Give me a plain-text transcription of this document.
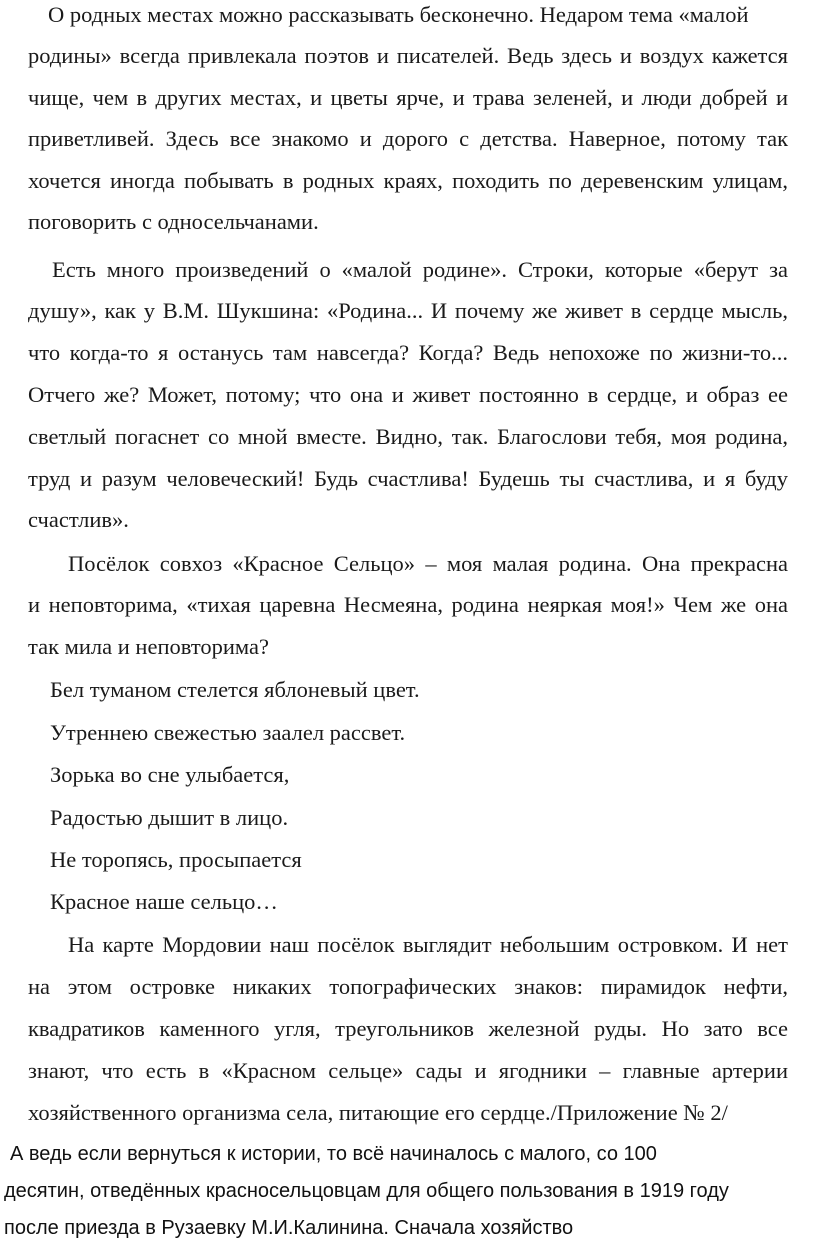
О родных местах можно рассказывать бесконечно. Недаром тема «малой
родины» всегда привлекала поэтов и писателей. Ведь здесь и воздух кажется
чище, чем в других местах, и цветы ярче, и трава зеленей, и люди добрей и
приветливей. Здесь все знакомо и дорого с детства. Наверное, потому так
хочется иногда побывать в родных краях, походить по деревенским улицам,
поговорить с односельчанами.
Есть много произведений о «малой родине». Строки, которые «берут за
душу», как у В.М. Шукшина: «Родина... И почему же живет в сердце мысль,
что когда-то я останусь там навсегда? Когда? Ведь непохоже по жизни-то...
Отчего же? Может, потому; что она и живет постоянно в сердце, и образ ее
светлый погаснет со мной вместе. Видно, так. Благослови тебя, моя родина,
труд и разум человеческий! Будь счастлива! Будешь ты счастлива, и я буду
счастлив».
Посёлок совхоз «Красное Сельцо» – моя малая родина. Она прекрасна
и неповторима, «тихая царевна Несмеяна, родина неяркая моя!» Чем же она
так мила и неповторима?
Бел туманом стелется яблоневый цвет.
Утреннею свежестью заалел рассвет.
Зорька во сне улыбается,
Радостью дышит в лицо.
Не торопясь, просыпается
Красное наше сельцо…
На карте Мордовии наш посёлок выглядит небольшим островком. И нет
на этом островке никаких топографических знаков: пирамидок нефти,
квадратиков каменного угля, треугольников железной руды. Но зато все
знают, что есть в «Красном сельце» сады и ягодники – главные артерии
хозяйственного организма села, питающие его сердце./Приложение № 2/
А ведь если вернуться к истории, то всё начиналось с малого, со 100
десятин, отведённых красносельцовцам для общего пользования в 1919 году
после приезда в Рузаевку М.И.Калинина. Сначала хозяйство
